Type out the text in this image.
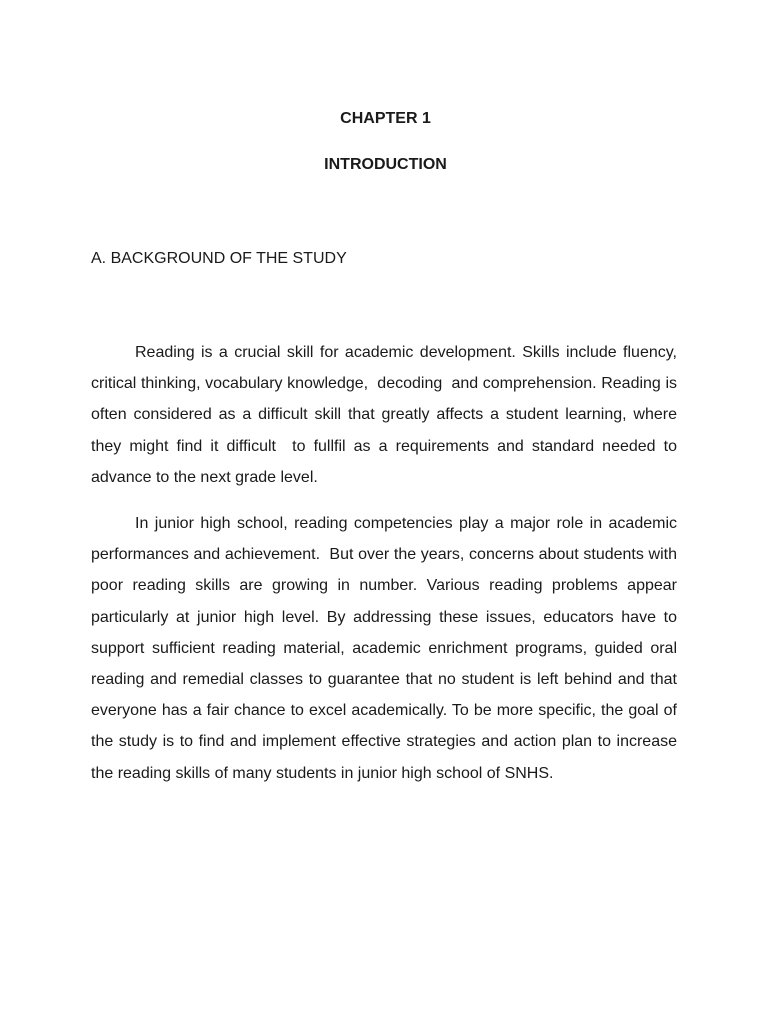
CHAPTER 1
INTRODUCTION
A. BACKGROUND OF THE STUDY

Reading is a crucial skill for academic development. Skills include fluency,  critical thinking, vocabulary knowledge,  decoding  and comprehension. Reading is often considered as a difficult skill that greatly affects a student learning, where they might find it difficult  to fullfil as a requirements and standard needed to advance to the next grade level.

In junior high school, reading competencies play a major role in academic performances and achievement.  But over the years, concerns about students with poor reading skills are growing in number. Various reading problems appear particularly at junior high level. By addressing these issues, educators have to support sufficient reading material, academic enrichment programs, guided oral reading and remedial classes to guarantee that no student is left behind and that everyone has a fair chance to excel academically. To be more specific, the goal of the study is to find and implement effective strategies and action plan to increase the reading skills of many students in junior high school of SNHS.
